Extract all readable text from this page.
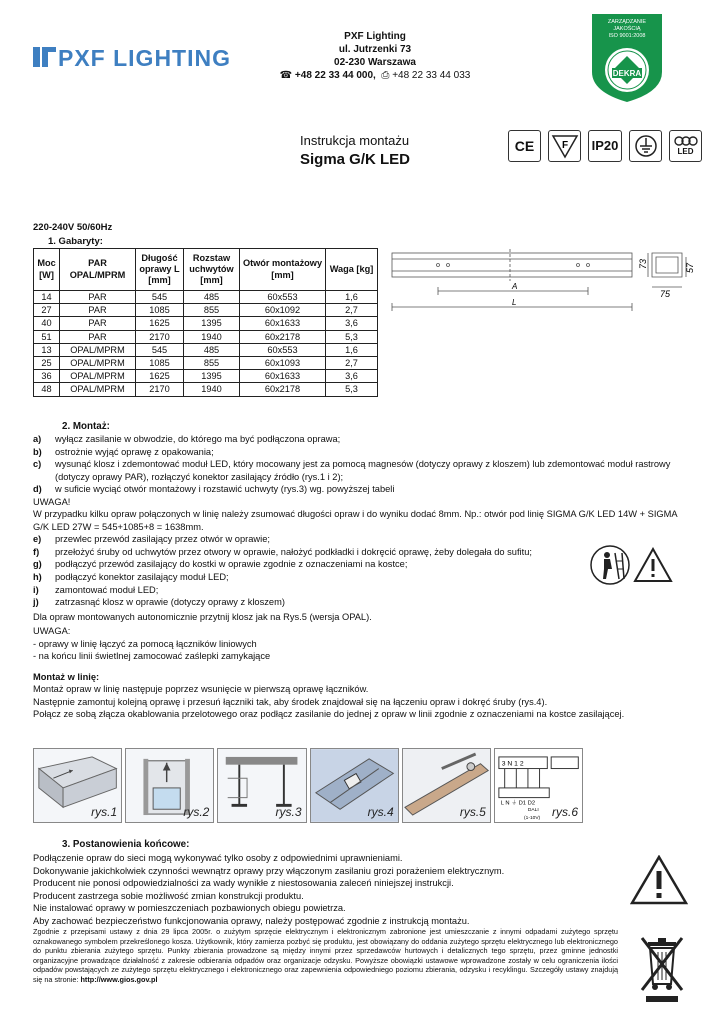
PXF LIGHTING
PXF Lighting
ul. Jutrzenki 73
02-230 Warszawa
☎ +48 22 33 44 000,  ⎙ +48 22 33 44 033
ZARZĄDZANIE
JAKOŚCIĄ
ISO 9001:2008
DEKRA
Instrukcja montażu
Sigma G/K LED
CE	F IP20	LED
220-240V 50/60Hz
1. Gabaryty:
Moc [W]	PAR OPAL/MPRM	Długość oprawy L [mm]	Rozstaw uchwytów [mm]	Otwór montażowy [mm]	Waga [kg]
14	PAR	545	485	60x553	1,6
27	PAR	1085	855	60x1092	2,7
40	PAR	1625	1395	60x1633	3,6
51	PAR	2170	1940	60x2178	5,3
13	OPAL/MPRM	545	485	60x553	1,6
25	OPAL/MPRM	1085	855	60x1093	2,7
36	OPAL/MPRM	1625	1395	60x1633	3,6
48	OPAL/MPRM	2170	1940	60x2178	5,3
A
L
73	57
75
2. Montaż:
a)	wyłącz zasilanie w obwodzie, do którego ma być podłączona oprawa;
b)	ostrożnie wyjąć oprawę z opakowania;
c)	wysunąć klosz i zdemontować moduł LED, który mocowany jest za pomocą magnesów (dotyczy oprawy z kloszem) lub zdemontować moduł rastrowy (dotyczy oprawy PAR), rozłączyć konektor zasilający źródło (rys.1 i 2);
d)	w suficie wyciąć otwór montażowy i rozstawić uchwyty (rys.3) wg. powyższej tabeli
UWAGA!
W przypadku kilku opraw połączonych w linię należy zsumować długości opraw i do wyniku dodać 8mm. Np.: otwór pod linię SIGMA G/K LED 14W + SIGMA G/K LED 27W = 545+1085+8 = 1638mm.
e)	przewlec przewód zasilający przez otwór w oprawie;
f)	przełożyć śruby od uchwytów przez otwory w oprawie, nałożyć podkładki i dokręcić oprawę, żeby dolegała do sufitu;
g)	podłączyć przewód zasilający do kostki w oprawie zgodnie z oznaczeniami na kostce;
h)	podłączyć konektor zasilający moduł LED;
i)	zamontować moduł LED;
j)	zatrzasnąć klosz w oprawie (dotyczy oprawy z kloszem)
Dla opraw montowanych autonomicznie przytnij klosz jak na Rys.5 (wersja OPAL).
UWAGA:
- oprawy w linię łączyć za pomocą łączników liniowych
- na końcu linii świetlnej zamocować zaślepki zamykające
Montaż w linię:
Montaż opraw w linię następuje poprzez wsunięcie w pierwszą oprawę łączników.
Następnie zamontuj kolejną oprawę i przesuń łączniki tak, aby środek znajdował się na łączeniu opraw i dokręć śruby (rys.4).
Połącz ze sobą złącza okablowania przelotowego oraz podłącz zasilanie do jednej z opraw w linii zgodnie z oznaczeniami na kostce zasilającej.
rys.1	rys.2	rys.3	rys.4	rys.5
3 N 1 2
L N ⏚ D1 D2
DALI
(1-10V) rys.6
3. Postanowienia końcowe:
Podłączenie opraw do sieci mogą wykonywać tylko osoby z odpowiednimi uprawnieniami.
Dokonywanie jakichkolwiek czynności wewnątrz oprawy przy włączonym zasilaniu grozi porażeniem elektrycznym.
Producent nie ponosi odpowiedzialności za wady wynikłe z niestosowania zaleceń niniejszej instrukcji.
Producent zastrzega sobie możliwość zmian konstrukcji produktu.
Nie instalować oprawy w pomieszczeniach pozbawionych obiegu powietrza.
Aby zachować bezpieczeństwo funkcjonowania oprawy, należy postępować zgodnie z instrukcją montażu.
Zgodnie z przepisami ustawy z dnia 29 lipca 2005r. o zużytym sprzęcie elektrycznym i elektronicznym zabronione jest umieszczanie z innymi odpadami zużytego sprzętu oznakowanego symbolem przekreślonego kosza. Użytkownik, który zamierza pozbyć się produktu, jest obowiązany do oddania zużytego sprzętu elektrycznego lub elektronicznego do punktu zbierania zużytego sprzętu. Punkty zbierania prowadzone są między innymi przez sprzedawców hurtowych i detalicznych tego sprzętu, przez gminne jednostki organizacyjne prowadzące działalność z zakresie odbierania odpadów oraz organizacje odzysku. Powyższe obowiązki ustawowe wprowadzone zostały w celu ograniczenia ilości odpadów powstających ze zużytego sprzętu elektrycznego i elektronicznego oraz zapewnienia odpowiedniego poziomu zbierania, odzysku i recyklingu. Szczegóły ustawy znajdują się na stronie: http://www.gios.gov.pl
